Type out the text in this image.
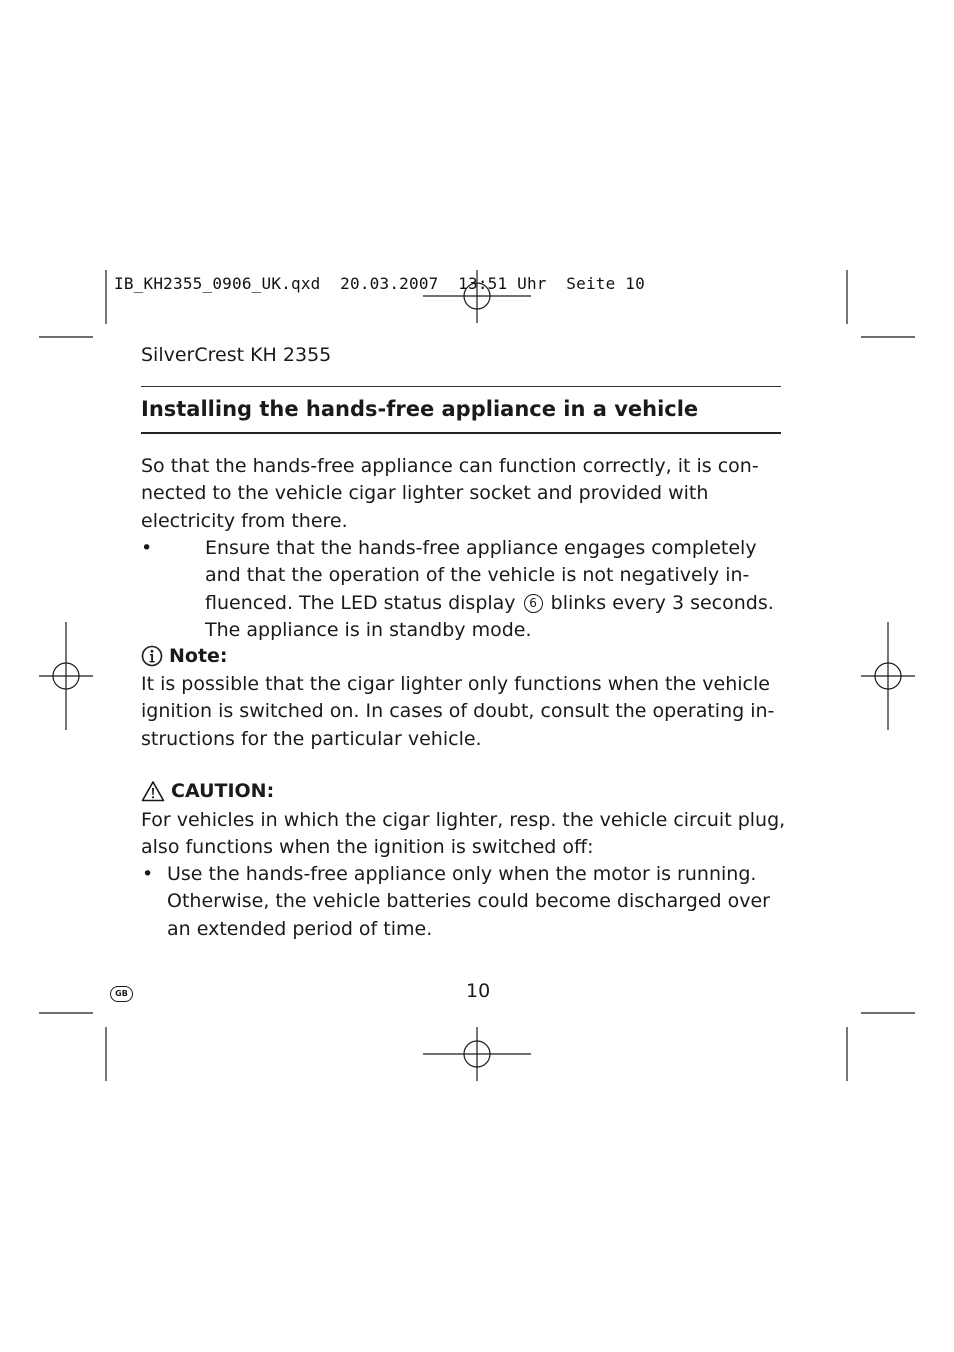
IB_KH2355_0906_UK.qxd  20.03.2007  13:51 Uhr  Seite 10
SilverCrest KH 2355
Installing the hands-free appliance in a vehicle
So that the hands-free appliance can function correctly, it is con-nected to the vehicle cigar lighter socket and provided with electricity from there.
•	Ensure that the hands-free appliance engages completely and that the operation of the vehicle is not negatively in-fluenced. The LED status display 6 blinks every 3 seconds. The appliance is in standby mode.
Note:
It is possible that the cigar lighter only functions when the vehicle ignition is switched on. In cases of doubt, consult the operating in-structions for the particular vehicle.
CAUTION:
For vehicles in which the cigar lighter, resp. the vehicle circuit plug, also functions when the ignition is switched off:
• Use the hands-free appliance only when the motor is running. Otherwise, the vehicle batteries could become discharged over an extended period of time.
GB	10
